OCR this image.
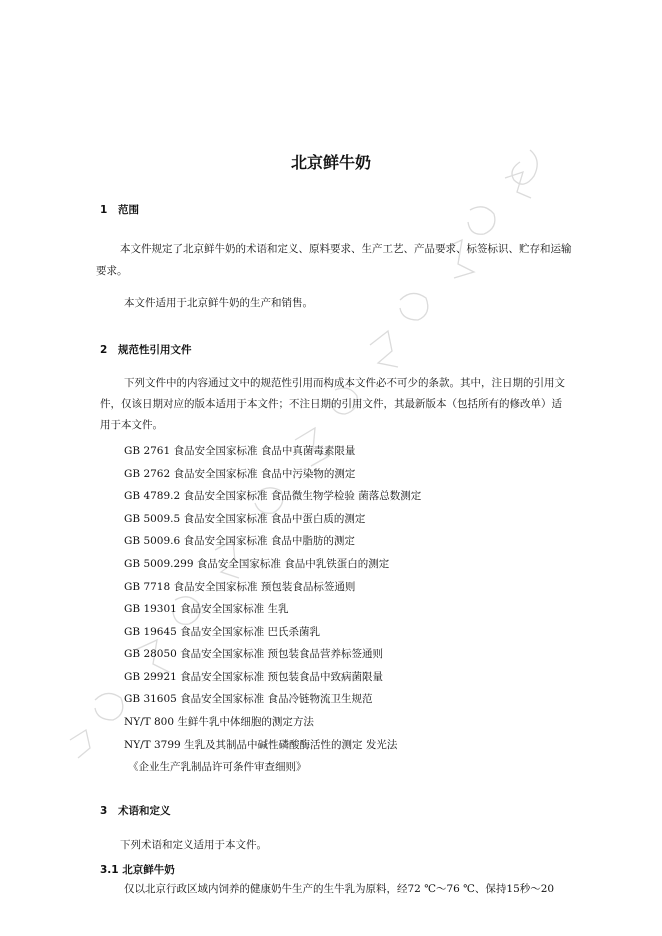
北京鲜牛奶
1 范围
本文件规定了北京鲜牛奶的术语和定义、原料要求、生产工艺、产品要求、标签标识、贮存和运输要求。
本文件适用于北京鲜牛奶的生产和销售。
2 规范性引用文件
下列文件中的内容通过文中的规范性引用而构成本文件必不可少的条款。其中，注日期的引用文件，仅该日期对应的版本适用于本文件；不注日期的引用文件，其最新版本（包括所有的修改单）适用于本文件。
GB 2761 食品安全国家标准 食品中真菌毒素限量
GB 2762 食品安全国家标准 食品中污染物的测定
GB 4789.2 食品安全国家标准 食品微生物学检验 菌落总数测定
GB 5009.5 食品安全国家标准 食品中蛋白质的测定
GB 5009.6 食品安全国家标准 食品中脂肪的测定
GB 5009.299 食品安全国家标准 食品中乳铁蛋白的测定
GB 7718 食品安全国家标准 预包装食品标签通则
GB 19301 食品安全国家标准 生乳
GB 19645 食品安全国家标准 巴氏杀菌乳
GB 28050 食品安全国家标准 预包装食品营养标签通则
GB 29921 食品安全国家标准 预包装食品中致病菌限量
GB 31605 食品安全国家标准 食品冷链物流卫生规范
NY/T 800 生鲜牛乳中体细胞的测定方法
NY/T 3799 生乳及其制品中碱性磷酸酶活性的测定 发光法
《企业生产乳制品许可条件审查细则》
3 术语和定义
下列术语和定义适用于本文件。
3.1 北京鲜牛奶
仅以北京行政区域内饲养的健康奶牛生产的生牛乳为原料，经72 ℃～76 ℃、保持15秒～20
